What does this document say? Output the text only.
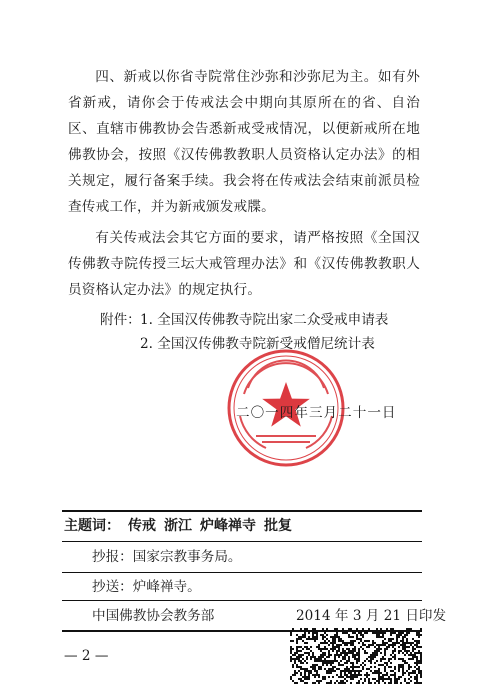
四、新戒以你省寺院常住沙弥和沙弥尼为主。如有外省新戒，请你会于传戒法会中期向其原所在的省、自治区、直辖市佛教协会告悉新戒受戒情况，以便新戒所在地佛教协会，按照《汉传佛教教职人员资格认定办法》的相关规定，履行备案手续。我会将在传戒法会结束前派员检查传戒工作，并为新戒颁发戒牒。

有关传戒法会其它方面的要求，请严格按照《全国汉传佛教寺院传授三坛大戒管理办法》和《汉传佛教教职人员资格认定办法》的规定执行。

附件： 1. 全国汉传佛教寺院出家二众受戒申请表
2. 全国汉传佛教寺院新受戒僧尼统计表
二〇一四年三月二十一日
主题词： 传戒 浙江 炉峰禅寺 批复
抄报：国家宗教事务局。
抄送：炉峰禅寺。
中国佛教协会教务部	2014 年 3 月 21 日印发
— 2 —
